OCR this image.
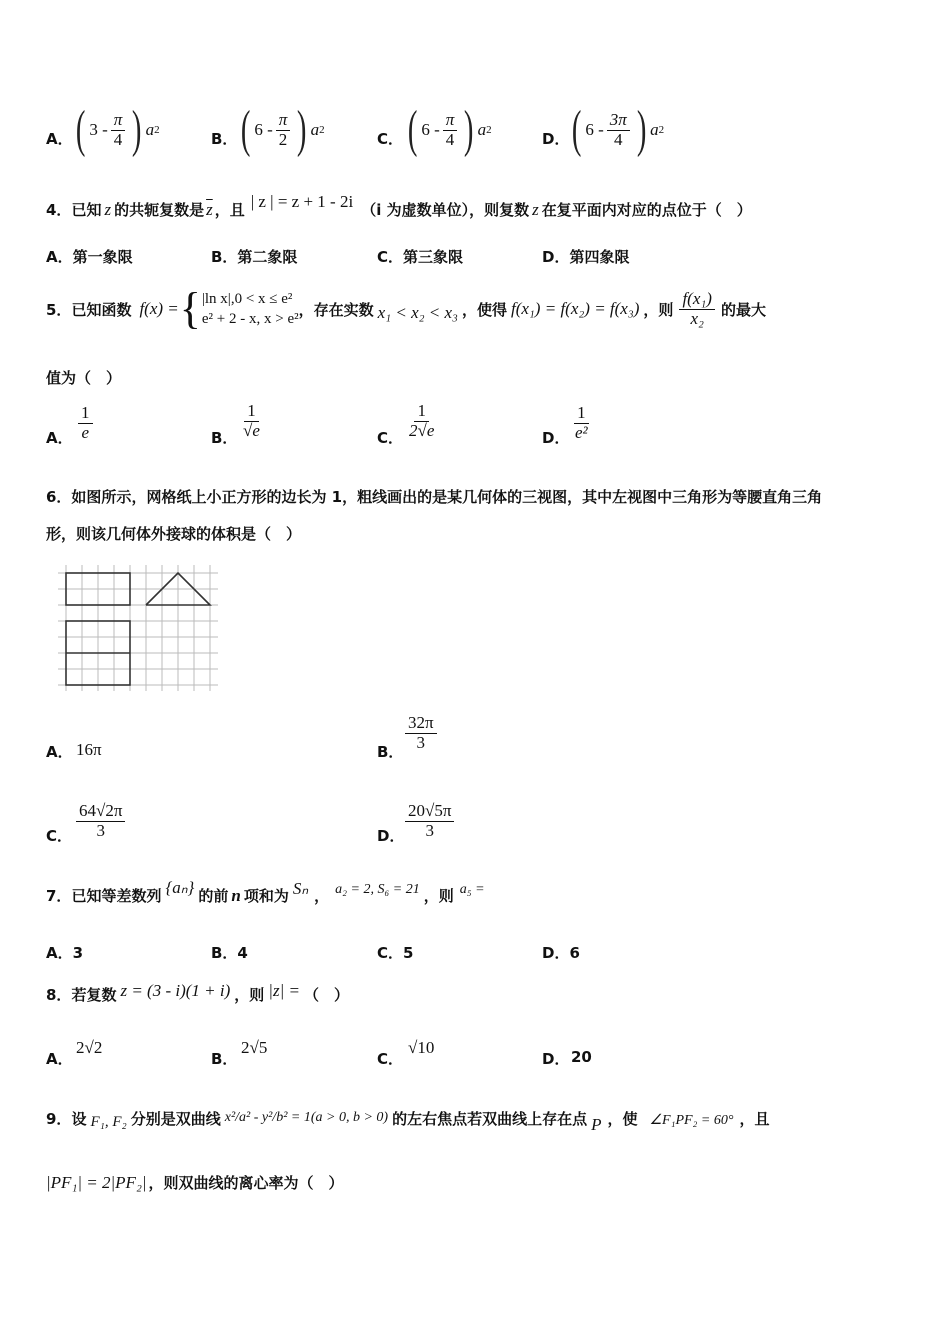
A． ( $3 - \frac{\pi}{4}$ ) a 2	B． ( $6 - \frac{\pi}{2}$ ) a 2	C． ( $6 - \frac{\pi}{4}$ ) a 2	D． ( $6 - \frac{3\pi}{4}$ ) a 2
4． 已知 z 的共轭复数是 $\overline{z}$ ，且 | z | = z + 1 - 2i （i 为虚数单位），则复数 z 在复平面内对应的点位于（　）
A．第一象限	B．第二象限	C．第三象限	D．第四象限
5． 已知函数 f(x) = { |ln x|,0 < x ≤ e²
e² + 2 - x, x > e²
，存在实数 x₁ < x₂ < x₃ ，使得 f(x₁) = f(x₂) = f(x₃) ，则 $\frac{\text{f(x₁)}}{\text{x₂}}$ 的最大
值为（　）
A． $\frac{1}{e}$	B． $\frac{1}{√e}$	C． $\frac{1}{2√e}$	D． $\frac{1}{\text{e²}}$
6．如图所示，网格纸上小正方形的边长为 1，粗线画出的是某几何体的三视图，其中左视图中三角形为等腰直角三角
形，则该几何体外接球的体积是（　）
A． 16π	B． $\frac{32\pi}{3}$
C． $\frac{64√2\pi}{3}$	D． $\frac{20√5\pi}{3}$
7． 已知等差数列 {aₙ} 的前 n 项和为 Sₙ ， a₂ = 2, S₆ = 21 ，则 a₅ =
A．3	B．4	C．5	D．6
8． 若复数 z = (3 - i)(1 + i) ，则 |z| = （　）
A．
2√2
B．
2√5
C．
√10
D． 20
9． 设 F₁, F₂ 分别是双曲线 x²/a² - y²/b² = 1(a > 0, b > 0) 的左右焦点若双曲线上存在点 P ，使 ∠F₁PF₂ = 60° ，且
|PF₁| = 2|PF₂| ，则双曲线的离心率为（　）
